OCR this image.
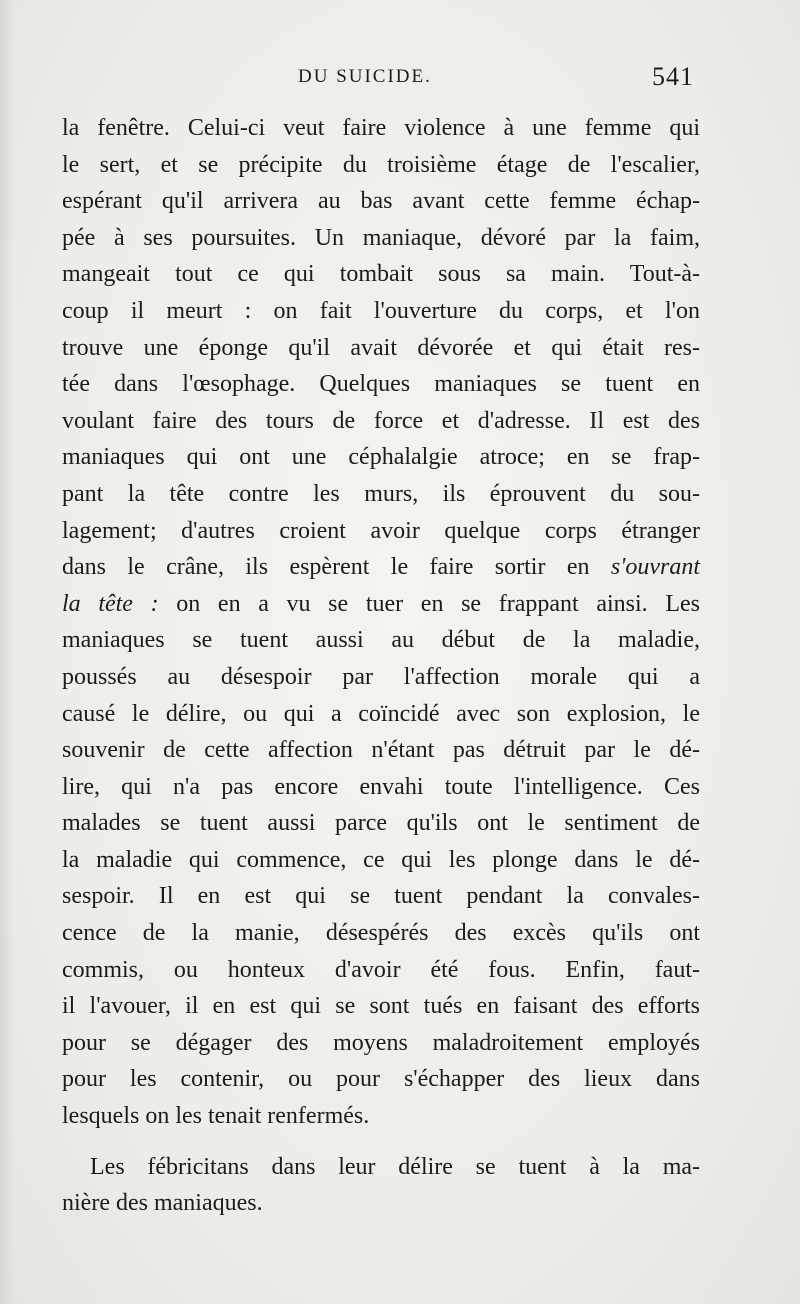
DU SUICIDE.	541
la fenêtre. Celui-ci veut faire violence à une femme qui
le sert, et se précipite du troisième étage de l'escalier,
espérant qu'il arrivera au bas avant cette femme échap-
pée à ses poursuites. Un maniaque, dévoré par la faim,
mangeait tout ce qui tombait sous sa main. Tout-à-
coup il meurt : on fait l'ouverture du corps, et l'on
trouve une éponge qu'il avait dévorée et qui était res-
tée dans l'œsophage. Quelques maniaques se tuent en
voulant faire des tours de force et d'adresse. Il est des
maniaques qui ont une céphalalgie atroce; en se frap-
pant la tête contre les murs, ils éprouvent du sou-
lagement; d'autres croient avoir quelque corps étranger
dans le crâne, ils espèrent le faire sortir en s'ouvrant
la tête : on en a vu se tuer en se frappant ainsi. Les
maniaques se tuent aussi au début de la maladie,
poussés au désespoir par l'affection morale qui a
causé le délire, ou qui a coïncidé avec son explosion, le
souvenir de cette affection n'étant pas détruit par le dé-
lire, qui n'a pas encore envahi toute l'intelligence. Ces
malades se tuent aussi parce qu'ils ont le sentiment de
la maladie qui commence, ce qui les plonge dans le dé-
sespoir. Il en est qui se tuent pendant la convales-
cence de la manie, désespérés des excès qu'ils ont
commis, ou honteux d'avoir été fous. Enfin, faut-
il l'avouer, il en est qui se sont tués en faisant des efforts
pour se dégager des moyens maladroitement employés
pour les contenir, ou pour s'échapper des lieux dans
lesquels on les tenait renfermés.
Les fébricitans dans leur délire se tuent à la ma-
nière des maniaques.
